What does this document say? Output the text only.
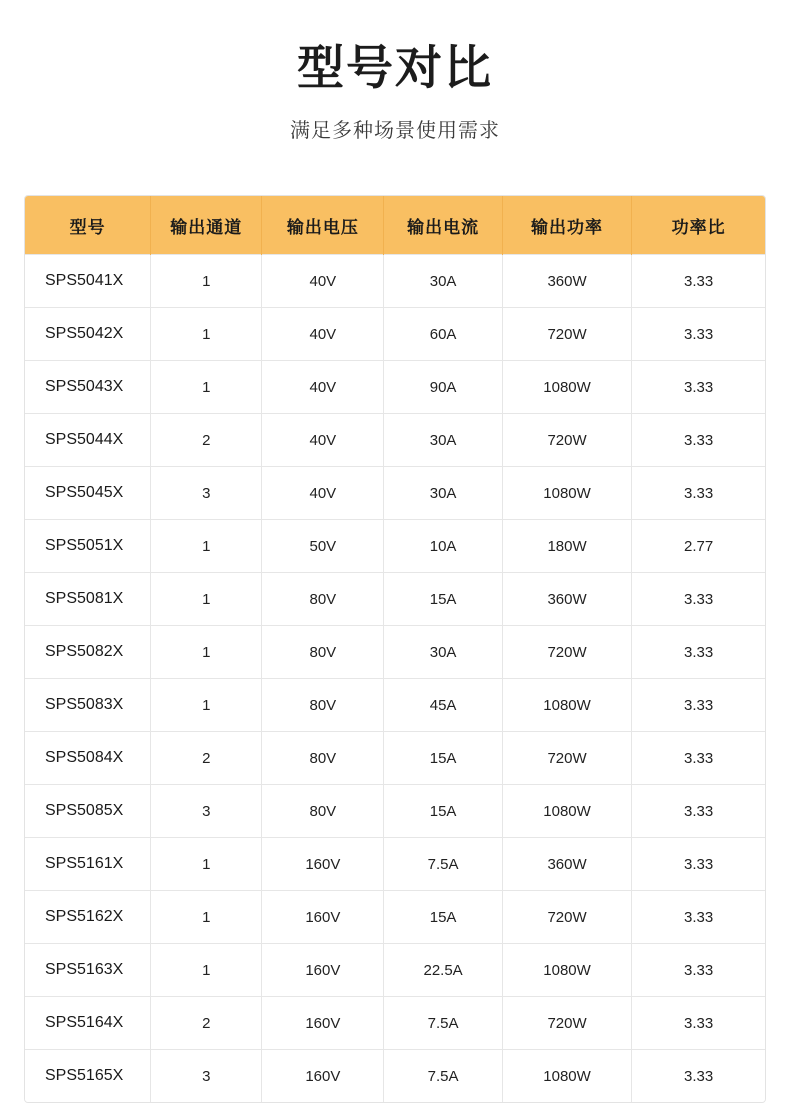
型号对比
满足多种场景使用需求
型号	输出通道	输出电压	输出电流	输出功率	功率比
SPS5041X	1	40V	30A	360W	3.33
SPS5042X	1	40V	60A	720W	3.33
SPS5043X	1	40V	90A	1080W	3.33
SPS5044X	2	40V	30A	720W	3.33
SPS5045X	3	40V	30A	1080W	3.33
SPS5051X	1	50V	10A	180W	2.77
SPS5081X	1	80V	15A	360W	3.33
SPS5082X	1	80V	30A	720W	3.33
SPS5083X	1	80V	45A	1080W	3.33
SPS5084X	2	80V	15A	720W	3.33
SPS5085X	3	80V	15A	1080W	3.33
SPS5161X	1	160V	7.5A	360W	3.33
SPS5162X	1	160V	15A	720W	3.33
SPS5163X	1	160V	22.5A	1080W	3.33
SPS5164X	2	160V	7.5A	720W	3.33
SPS5165X	3	160V	7.5A	1080W	3.33
